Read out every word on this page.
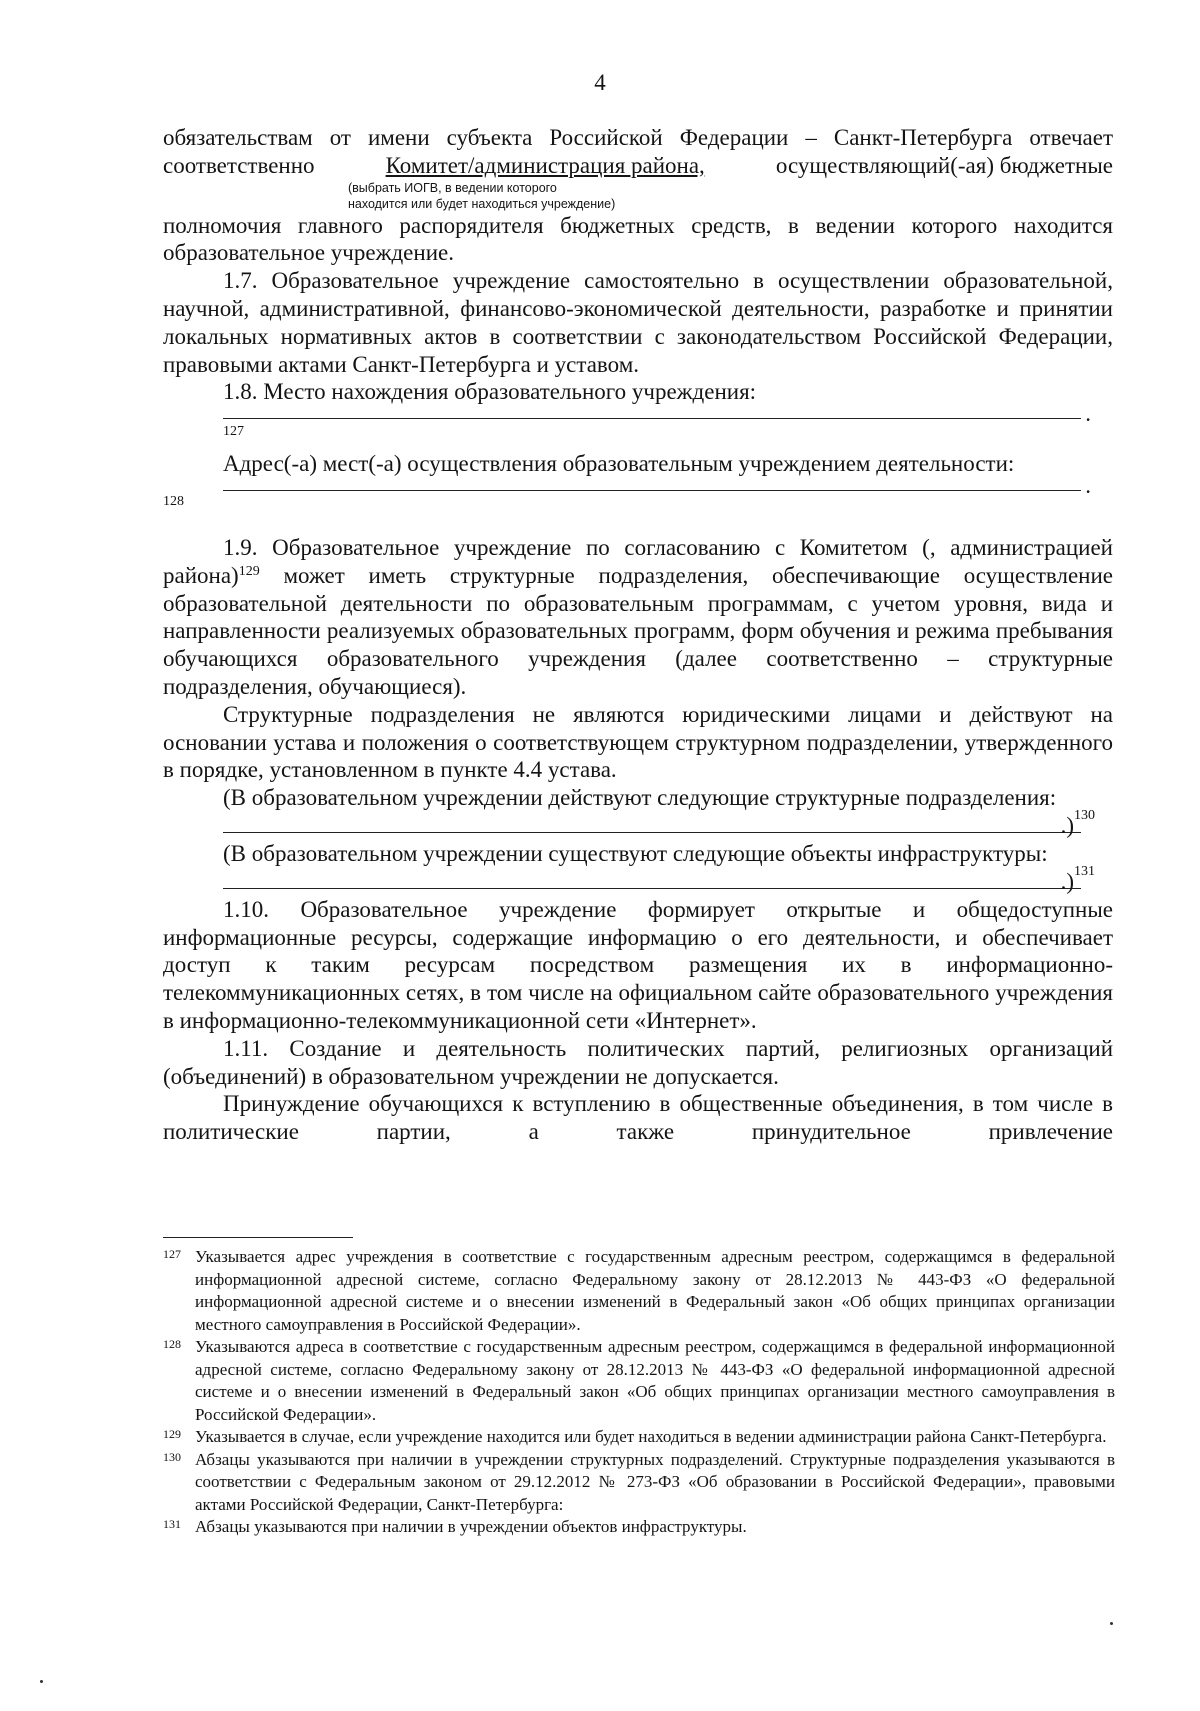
4

обязательствам от имени субъекта Российской Федерации – Санкт-Петербурга отвечает

соответственно	Комитет/администрация района,	осуществляющий(-ая) бюджетные
(выбрать ИОГВ, в ведении которого
находится или будет находиться учреждение)

полномочия главного распорядителя бюджетных средств, в ведении которого находится образовательное учреждение.

1.7. Образовательное учреждение самостоятельно в осуществлении образовательной, научной, административной, финансово-экономической деятельности, разработке и принятии локальных нормативных актов в соответствии с законодательством Российской Федерации, правовыми актами Санкт-Петербурга и уставом.

1.8. Место нахождения образовательного учреждения:

.
127

Адрес(-а) мест(-а) осуществления образовательным учреждением деятельности:

.
128

1.9. Образовательное учреждение по согласованию с Комитетом (, администрацией района)$^{129}$ может иметь структурные подразделения, обеспечивающие осуществление образовательной деятельности по образовательным программам, с учетом уровня, вида и направленности реализуемых образовательных программ, форм обучения и режима пребывания обучающихся образовательного учреждения (далее соответственно – структурные подразделения, обучающиеся).

Структурные подразделения не являются юридическими лицами и действуют на основании устава и положения о соответствующем структурном подразделении, утвержденного в порядке, установленном в пункте 4.4 устава.

(В образовательном учреждении действуют следующие структурные подразделения:

.)$^{130}$

(В образовательном учреждении существуют следующие объекты инфраструктуры:

.)$^{131}$

1.10. Образовательное учреждение формирует открытые и общедоступные информационные ресурсы, содержащие информацию о его деятельности, и обеспечивает доступ к таким ресурсам посредством размещения их в информационно-телекоммуникационных сетях, в том числе на официальном сайте образовательного учреждения в информационно-телекоммуникационной сети «Интернет».

1.11. Создание и деятельность политических партий, религиозных организаций (объединений) в образовательном учреждении не допускается.

Принуждение обучающихся к вступлению в общественные объединения, в том числе в политические партии, а также принудительное привлечение

127 Указывается адрес учреждения в соответствие с государственным адресным реестром, содержащимся в федеральной информационной адресной системе, согласно Федеральному закону от 28.12.2013 № 443-ФЗ «О федеральной информационной адресной системе и о внесении изменений в Федеральный закон «Об общих принципах организации местного самоуправления в Российской Федерации».

128 Указываются адреса в соответствие с государственным адресным реестром, содержащимся в федеральной информационной адресной системе, согласно Федеральному закону от 28.12.2013 № 443-ФЗ «О федеральной информационной адресной системе и о внесении изменений в Федеральный закон «Об общих принципах организации местного самоуправления в Российской Федерации».

129 Указывается в случае, если учреждение находится или будет находиться в ведении администрации района Санкт-Петербурга.

130 Абзацы указываются при наличии в учреждении структурных подразделений. Структурные подразделения указываются в соответствии с Федеральным законом от 29.12.2012 № 273-ФЗ «Об образовании в Российской Федерации», правовыми актами Российской Федерации, Санкт-Петербурга:

131 Абзацы указываются при наличии в учреждении объектов инфраструктуры.
